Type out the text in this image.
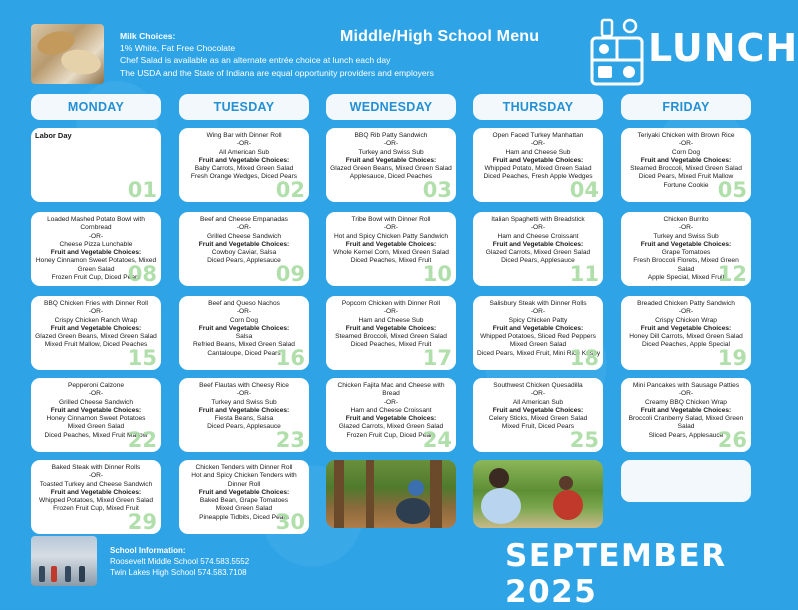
Milk Choices:
1% White, Fat Free Chocolate
Chef Salad is available as an alternate entrée choice at lunch each day
The USDA and the State of Indiana are equal opportunity providers and employers
Middle/High School Menu	LUNCH
MONDAY	TUESDAY	WEDNESDAY	THURSDAY	FRIDAY
Labor Day
01
Wing Bar with Dinner Roll
-OR-
All American Sub
Fruit and Vegetable Choices:
Baby Carrots, Mixed Green Salad
Fresh Orange Wedges, Diced Pears
02
BBQ Rib Patty Sandwich
-OR-
Turkey and Swiss Sub
Fruit and Vegetable Choices:
Glazed Green Beans, Mixed Green Salad
Applesauce, Diced Peaches
03
Open Faced Turkey Manhattan
-OR-
Ham and Cheese Sub
Fruit and Vegetable Choices:
Whipped Potato, Mixed Green Salad
Diced Peaches, Fresh Apple Wedges
04
Teriyaki Chicken with Brown Rice
-OR-
Corn Dog
Fruit and Vegetable Choices:
Steamed Broccoli, Mixed Green Salad
Diced Pears, Mixed Fruit Mallow
Fortune Cookie 05
Loaded Mashed Potato Bowl with
Cornbread
-OR-
Cheese Pizza Lunchable
Fruit and Vegetable Choices:
Honey Cinnamon Sweet Potatoes, Mixed
Green Salad
Frozen Fruit Cup, Diced Pears
08
Beef and Cheese Empanadas
-OR-
Grilled Cheese Sandwich
Fruit and Vegetable Choices:
Cowboy Caviar, Salsa
Diced Pears, Applesauce
09
Tribe Bowl with Dinner Roll
-OR-
Hot and Spicy Chicken Patty Sandwich
Fruit and Vegetable Choices:
Whole Kernel Corn, Mixed Green Salad
Diced Peaches, Mixed Fruit
10
Italian Spaghetti with Breadstick
-OR-
Ham and Cheese Croissant
Fruit and Vegetable Choices:
Glazed Carrots, Mixed Green Salad
Diced Pears, Applesauce
11
Chicken Burrito
-OR-
Turkey and Swiss Sub
Fruit and Vegetable Choices:
Grape Tomatoes
Fresh Broccoli Florets, Mixed Green
Salad
Apple Special, Mixed Fruit
12
BBQ Chicken Fries with Dinner Roll
-OR-
Crispy Chicken Ranch Wrap
Fruit and Vegetable Choices:
Glazed Green Beans, Mixed Green Salad
Mixed Fruit Mallow, Diced Peaches
15
Beef and Queso Nachos
-OR-
Corn Dog
Fruit and Vegetable Choices:
Salsa
Refried Beans, Mixed Green Salad
Cantaloupe, Diced Pears
16
Popcorn Chicken with Dinner Roll
-OR-
Ham and Cheese Sub
Fruit and Vegetable Choices:
Steamed Broccoli, Mixed Green Salad
Diced Peaches, Mixed Fruit
17
Salisbury Steak with Dinner Rolls
-OR-
Spicy Chicken Patty
Fruit and Vegetable Choices:
Whipped Potatoes, Sliced Red Peppers
Mixed Green Salad
Diced Pears, Mixed Fruit, Mini Rice Krispy
18
Breaded Chicken Patty Sandwich
-OR-
Crispy Chicken Wrap
Fruit and Vegetable Choices:
Honey Dill Carrots, Mixed Green Salad
Diced Peaches, Apple Special
19
Pepperoni Calzone
-OR-
Grilled Cheese Sandwich
Fruit and Vegetable Choices:
Honey Cinnamon Sweet Potatoes
Mixed Green Salad
Diced Peaches, Mixed Fruit Mallow
22
Beef Flautas with Cheesy Rice
-OR-
Turkey and Swiss Sub
Fruit and Vegetable Choices:
Fiesta Beans, Salsa
Diced Pears, Applesauce
23
Chicken Fajita Mac and Cheese with
Bread
-OR-
Ham and Cheese Croissant
Fruit and Vegetable Choices:
Glazed Carrots, Mixed Green Salad
Frozen Fruit Cup, Diced Pears
24
Southwest Chicken Quesadilla
-OR-
All American Sub
Fruit and Vegetable Choices:
Celery Sticks, Mixed Green Salad
Mixed Fruit, Diced Pears
25
Mini Pancakes with Sausage Patties
-OR-
Creamy BBQ Chicken Wrap
Fruit and Vegetable Choices:
Broccoli Cranberry Salad, Mixed Green
Salad
Sliced Pears, Applesauce
26
Baked Steak with Dinner Rolls
-OR-
Toasted Turkey and Cheese Sandwich
Fruit and Vegetable Choices:
Whipped Potatoes, Mixed Green Salad
Frozen Fruit Cup, Mixed Fruit
29
Chicken Tenders with Dinner Roll
Hot and Spicy Chicken Tenders with
Dinner Roll
Fruit and Vegetable Choices:
Baked Bean, Grape Tomatoes
Mixed Green Salad
Pineapple Tidbits, Diced Pears
30
School Information:
Roosevelt Middle School 574.583.5552
Twin Lakes High School 574.583.7108	SEPTEMBER 2025
